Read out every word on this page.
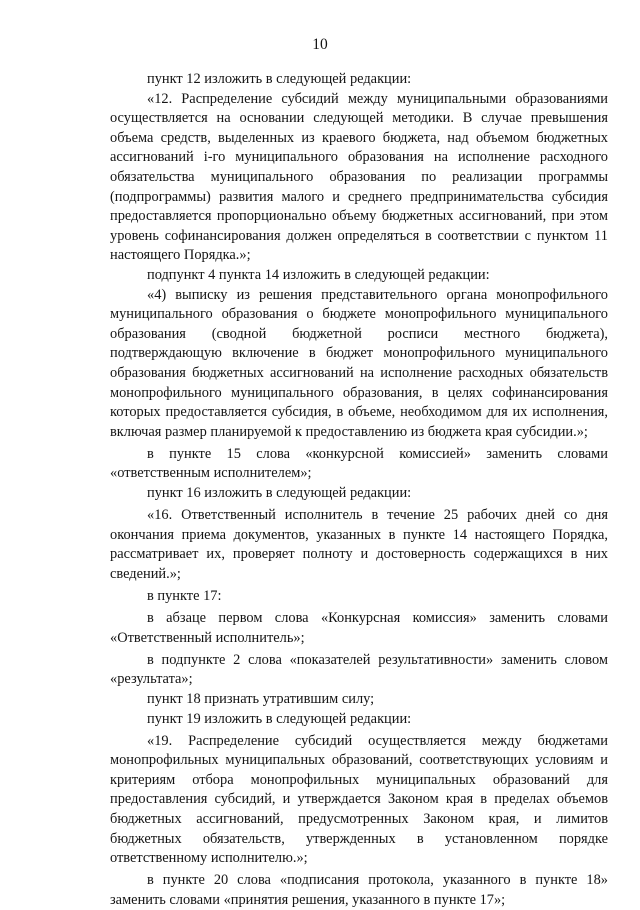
10

пункт 12 изложить в следующей редакции:

«12. Распределение субсидий между муниципальными образованиями осуществляется на основании следующей методики. В случае превышения объема средств, выделенных из краевого бюджета, над объемом бюджетных ассигнований i-го муниципального образования на исполнение расходного обязательства муниципального образования по реализации программы (подпрограммы) развития малого и среднего предпринимательства субсидия предоставляется пропорционально объему бюджетных ассигнований, при этом уровень софинансирования должен определяться в соответствии с пунктом 11 настоящего Порядка.»;

подпункт 4 пункта 14 изложить в следующей редакции:

«4) выписку из решения представительного органа монопрофильного муниципального образования о бюджете монопрофильного муниципального образования (сводной бюджетной росписи местного бюджета), подтверждающую включение в бюджет монопрофильного муниципального образования бюджетных ассигнований на исполнение расходных обязательств монопрофильного муниципального образования, в целях софинансирования которых предоставляется субсидия, в объеме, необходимом для их исполнения, включая размер планируемой к предоставлению из бюджета края субсидии.»;

в пункте 15 слова «конкурсной комиссией» заменить словами «ответственным исполнителем»;

пункт 16 изложить в следующей редакции:

«16. Ответственный исполнитель в течение 25 рабочих дней со дня окончания приема документов, указанных в пункте 14 настоящего Порядка, рассматривает их, проверяет полноту и достоверность содержащихся в них сведений.»;

в пункте 17:

в абзаце первом слова «Конкурсная комиссия» заменить словами «Ответственный исполнитель»;

в подпункте 2 слова «показателей результативности» заменить словом «результата»;

пункт 18 признать утратившим силу;

пункт 19 изложить в следующей редакции:

«19. Распределение субсидий осуществляется между бюджетами монопрофильных муниципальных образований, соответствующих условиям и критериям отбора монопрофильных муниципальных образований для предоставления субсидий, и утверждается Законом края в пределах объемов бюджетных ассигнований, предусмотренных Законом края, и лимитов бюджетных обязательств, утвержденных в установленном порядке ответственному исполнителю.»;

в пункте 20 слова «подписания протокола, указанного в пункте 18» заменить словами «принятия решения, указанного в пункте 17»;
